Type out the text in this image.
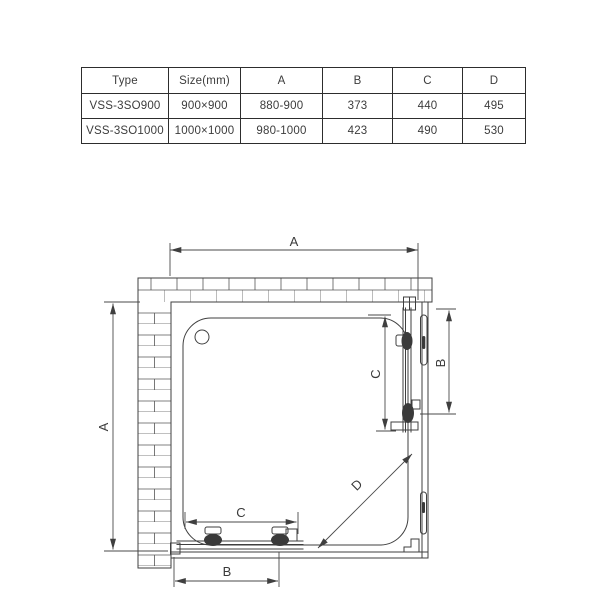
Type	Size(mm)	A	B	C	D
VSS-3SO900	900×900	880-900	373	440	495
VSS-3SO1000	1000×1000	980-1000	423	490	530
A
A
C
B
C
B
D
